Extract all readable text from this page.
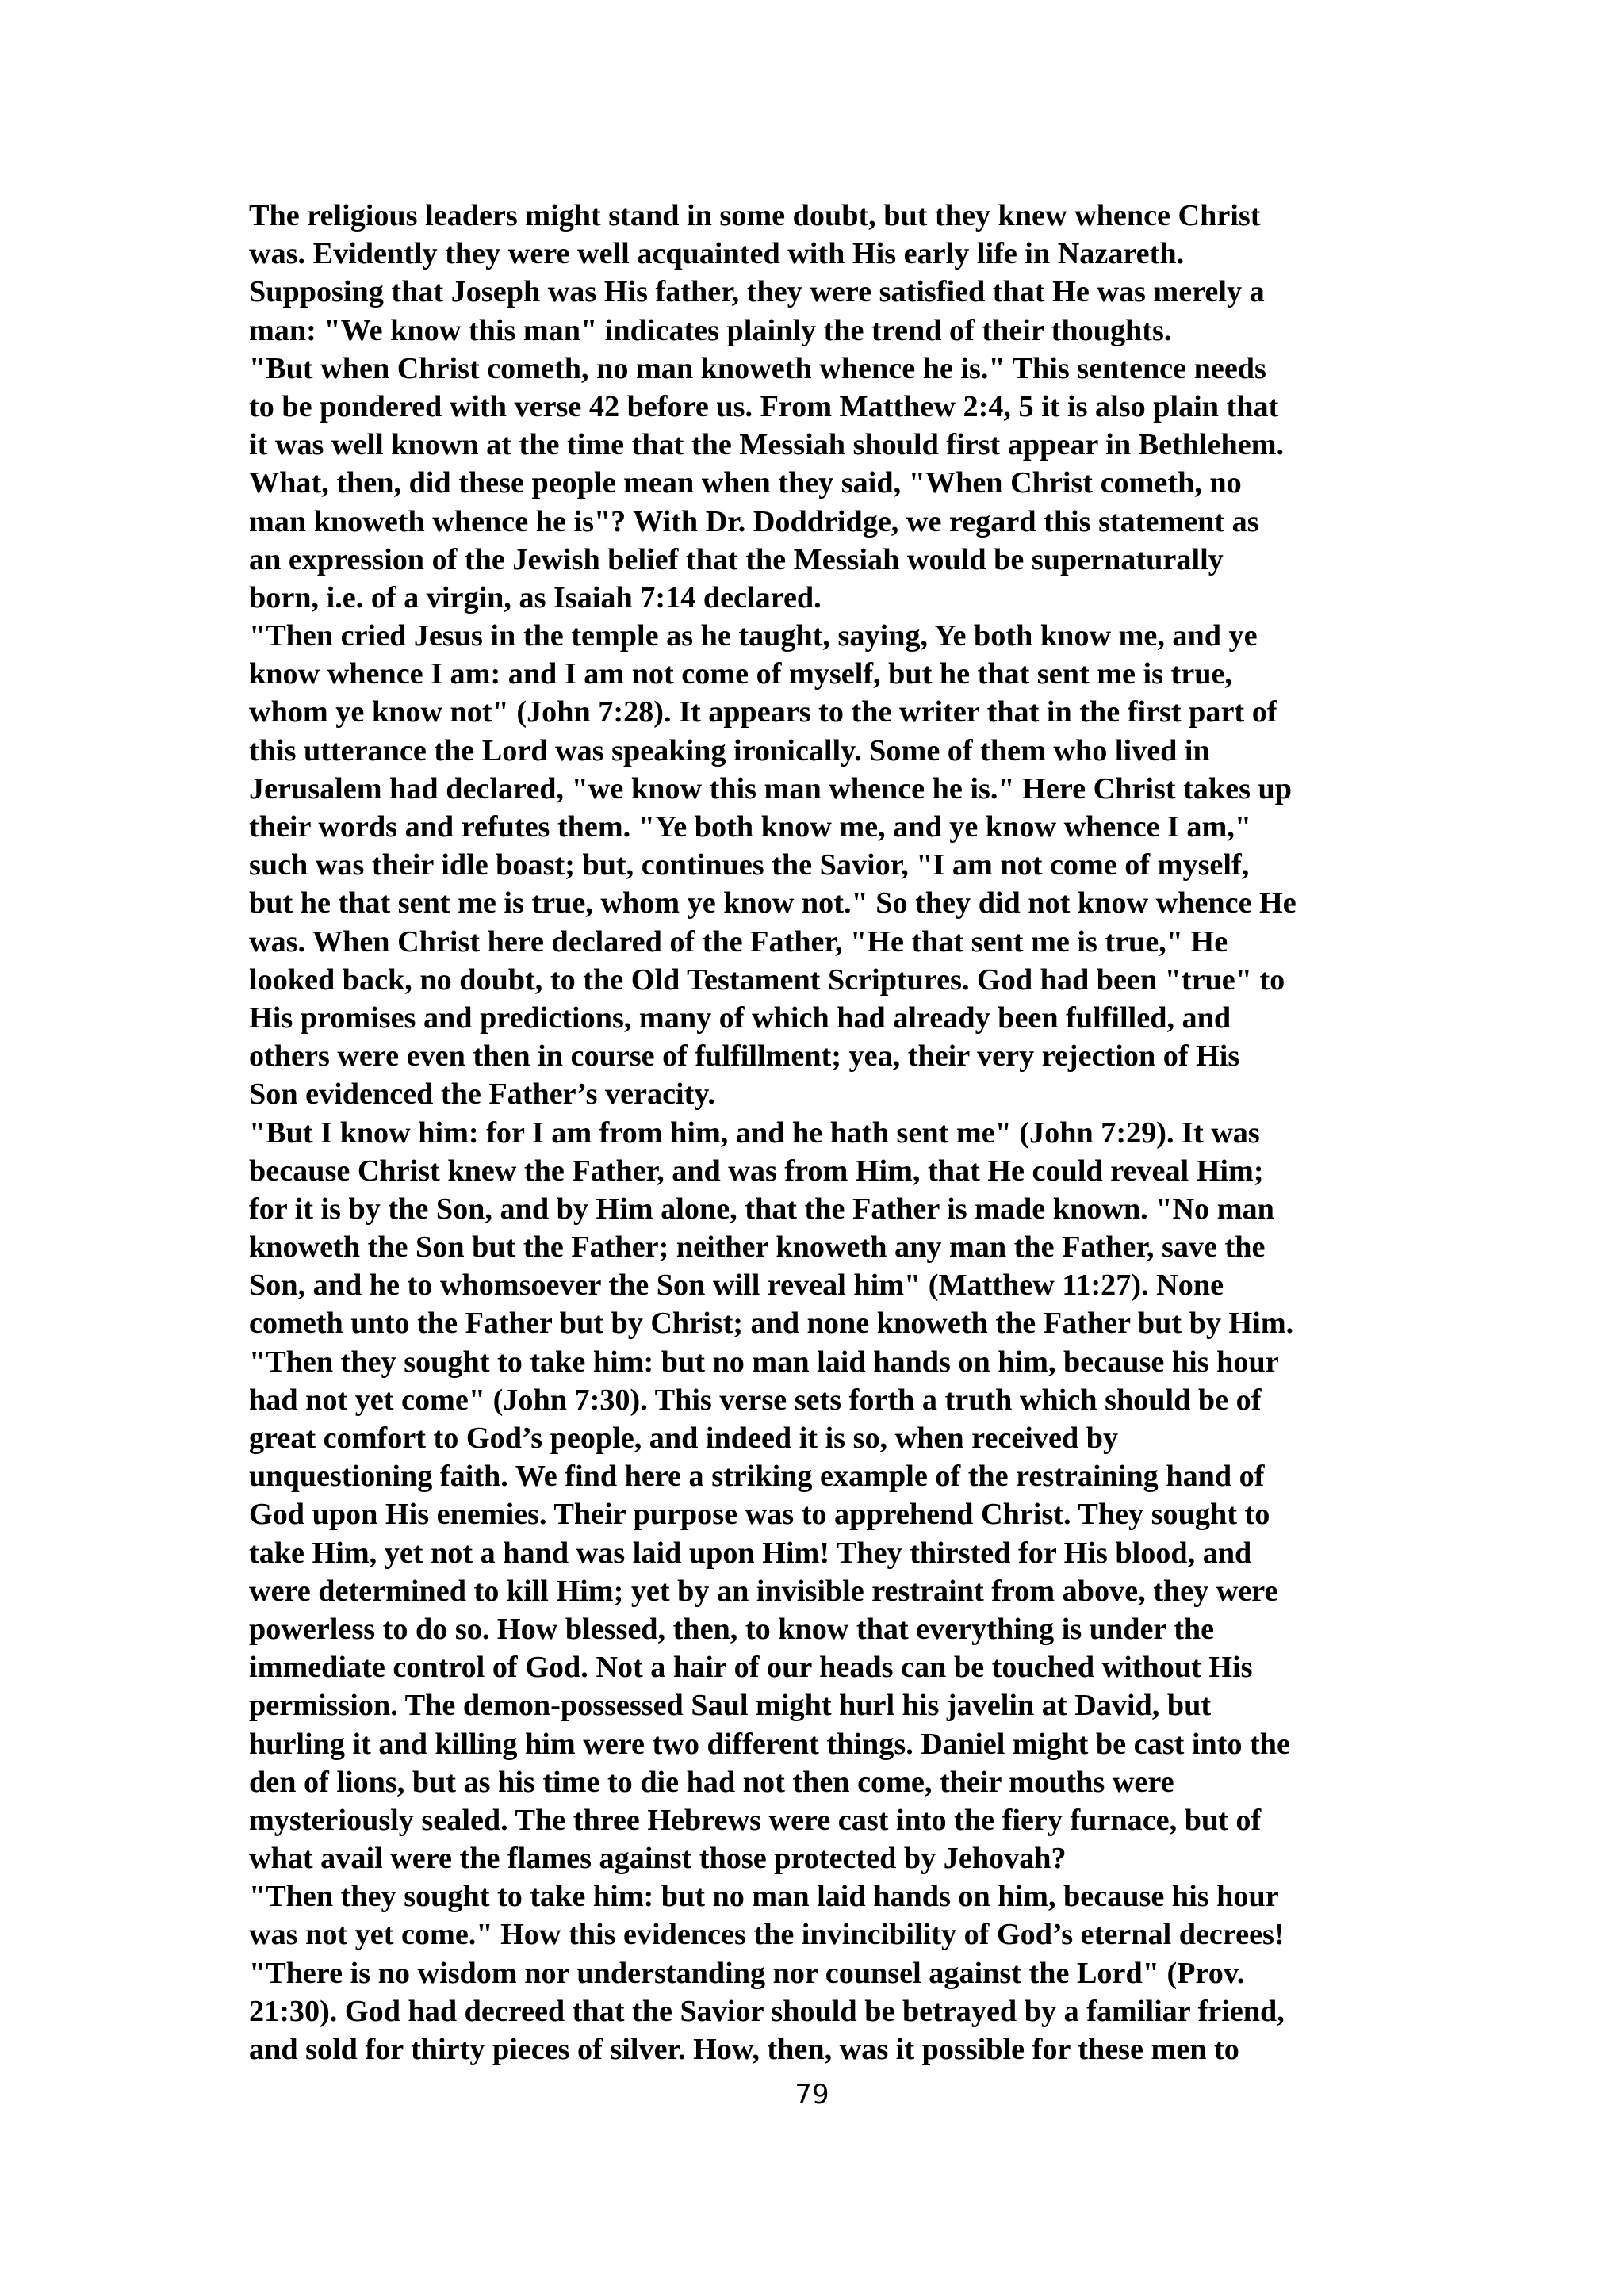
The religious leaders might stand in some doubt, but they knew whence Christ
was. Evidently they were well acquainted with His early life in Nazareth.
Supposing that Joseph was His father, they were satisfied that He was merely a
man: "We know this man" indicates plainly the trend of their thoughts.
"But when Christ cometh, no man knoweth whence he is." This sentence needs
to be pondered with verse 42 before us. From Matthew 2:4, 5 it is also plain that
it was well known at the time that the Messiah should first appear in Bethlehem.
What, then, did these people mean when they said, "When Christ cometh, no
man knoweth whence he is"? With Dr. Doddridge, we regard this statement as
an expression of the Jewish belief that the Messiah would be supernaturally
born, i.e. of a virgin, as Isaiah 7:14 declared.
"Then cried Jesus in the temple as he taught, saying, Ye both know me, and ye
know whence I am: and I am not come of myself, but he that sent me is true,
whom ye know not" (John 7:28). It appears to the writer that in the first part of
this utterance the Lord was speaking ironically. Some of them who lived in
Jerusalem had declared, "we know this man whence he is." Here Christ takes up
their words and refutes them. "Ye both know me, and ye know whence I am,"
such was their idle boast; but, continues the Savior, "I am not come of myself,
but he that sent me is true, whom ye know not." So they did not know whence He
was. When Christ here declared of the Father, "He that sent me is true," He
looked back, no doubt, to the Old Testament Scriptures. God had been "true" to
His promises and predictions, many of which had already been fulfilled, and
others were even then in course of fulfillment; yea, their very rejection of His
Son evidenced the Father’s veracity.
"But I know him: for I am from him, and he hath sent me" (John 7:29). It was
because Christ knew the Father, and was from Him, that He could reveal Him;
for it is by the Son, and by Him alone, that the Father is made known. "No man
knoweth the Son but the Father; neither knoweth any man the Father, save the
Son, and he to whomsoever the Son will reveal him" (Matthew 11:27). None
cometh unto the Father but by Christ; and none knoweth the Father but by Him.
"Then they sought to take him: but no man laid hands on him, because his hour
had not yet come" (John 7:30). This verse sets forth a truth which should be of
great comfort to God’s people, and indeed it is so, when received by
unquestioning faith. We find here a striking example of the restraining hand of
God upon His enemies. Their purpose was to apprehend Christ. They sought to
take Him, yet not a hand was laid upon Him! They thirsted for His blood, and
were determined to kill Him; yet by an invisible restraint from above, they were
powerless to do so. How blessed, then, to know that everything is under the
immediate control of God. Not a hair of our heads can be touched without His
permission. The demon-possessed Saul might hurl his javelin at David, but
hurling it and killing him were two different things. Daniel might be cast into the
den of lions, but as his time to die had not then come, their mouths were
mysteriously sealed. The three Hebrews were cast into the fiery furnace, but of
what avail were the flames against those protected by Jehovah?
"Then they sought to take him: but no man laid hands on him, because his hour
was not yet come." How this evidences the invincibility of God’s eternal decrees!
"There is no wisdom nor understanding nor counsel against the Lord" (Prov.
21:30). God had decreed that the Savior should be betrayed by a familiar friend,
and sold for thirty pieces of silver. How, then, was it possible for these men to
79
